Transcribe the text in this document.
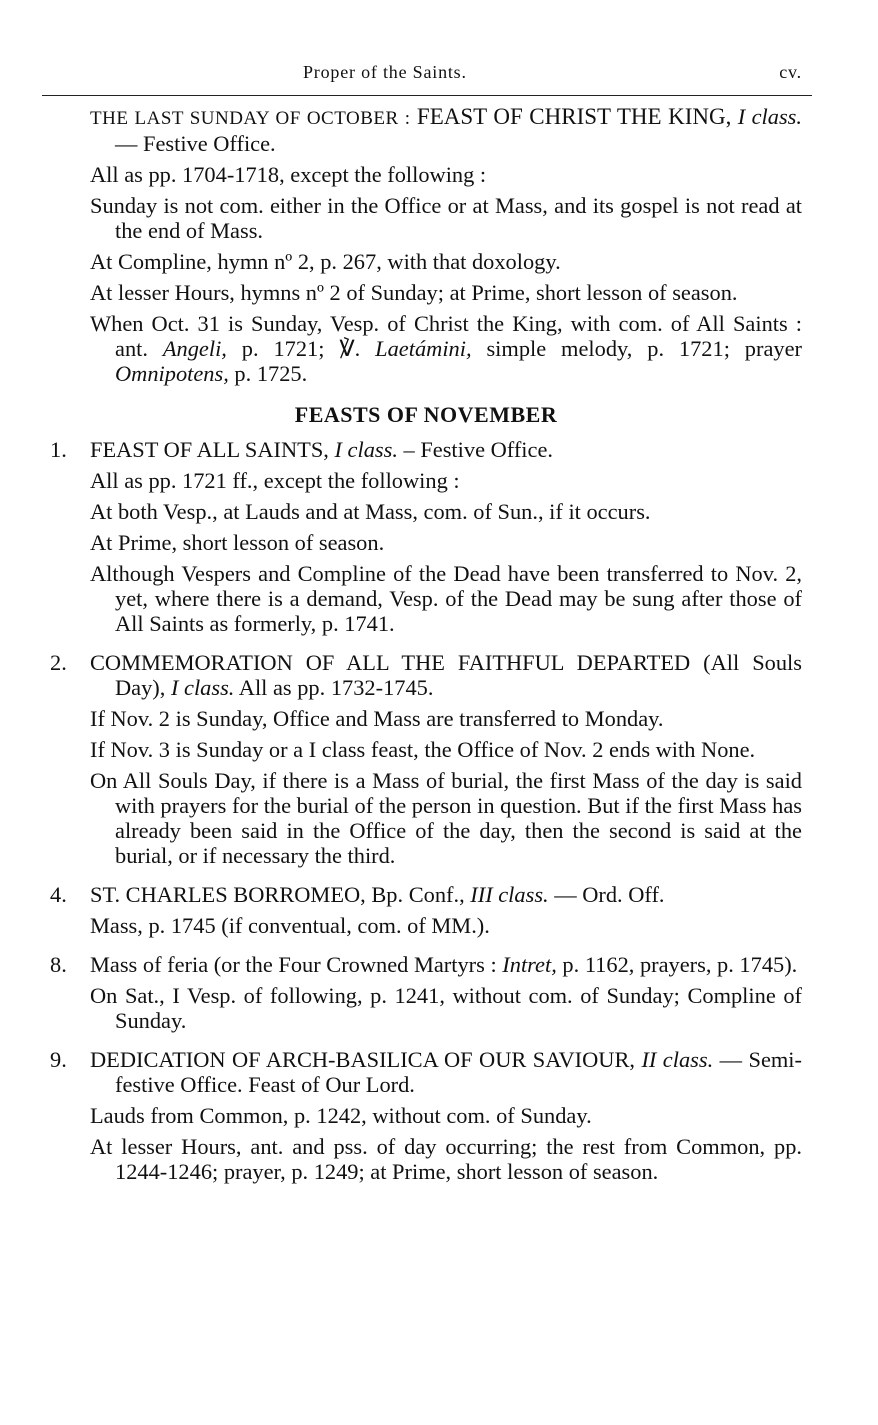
Proper of the Saints.	cv.

THE LAST SUNDAY OF OCTOBER : FEAST OF CHRIST THE KING, I class. — Festive Office.

All as pp. 1704-1718, except the following :

Sunday is not com. either in the Office or at Mass, and its gospel is not read at the end of Mass.

At Compline, hymn nº 2, p. 267, with that doxology.

At lesser Hours, hymns nº 2 of Sunday; at Prime, short lesson of season.

When Oct. 31 is Sunday, Vesp. of Christ the King, with com. of All Saints : ant. Angeli, p. 1721; ℣. Laetámini, simple melody, p. 1721; prayer Omnipotens, p. 1725.

FEASTS OF NOVEMBER

1. FEAST OF ALL SAINTS, I class. – Festive Office.

All as pp. 1721 ff., except the following :

At both Vesp., at Lauds and at Mass, com. of Sun., if it occurs.

At Prime, short lesson of season.

Although Vespers and Compline of the Dead have been transferred to Nov. 2, yet, where there is a demand, Vesp. of the Dead may be sung after those of All Saints as formerly, p. 1741.

2. COMMEMORATION OF ALL THE FAITHFUL DEPARTED (All Souls Day), I class. All as pp. 1732-1745.

If Nov. 2 is Sunday, Office and Mass are transferred to Monday.

If Nov. 3 is Sunday or a I class feast, the Office of Nov. 2 ends with None.

On All Souls Day, if there is a Mass of burial, the first Mass of the day is said with prayers for the burial of the person in question. But if the first Mass has already been said in the Office of the day, then the second is said at the burial, or if necessary the third.

4. ST. CHARLES BORROMEO, Bp. Conf., III class. — Ord. Off.

Mass, p. 1745 (if conventual, com. of MM.).

8. Mass of feria (or the Four Crowned Martyrs : Intret, p. 1162, prayers, p. 1745).

On Sat., I Vesp. of following, p. 1241, without com. of Sunday; Compline of Sunday.

9. DEDICATION OF ARCH-BASILICA OF OUR SAVIOUR, II class. — Semi-festive Office. Feast of Our Lord.

Lauds from Common, p. 1242, without com. of Sunday.

At lesser Hours, ant. and pss. of day occurring; the rest from Common, pp. 1244-1246; prayer, p. 1249; at Prime, short lesson of season.
